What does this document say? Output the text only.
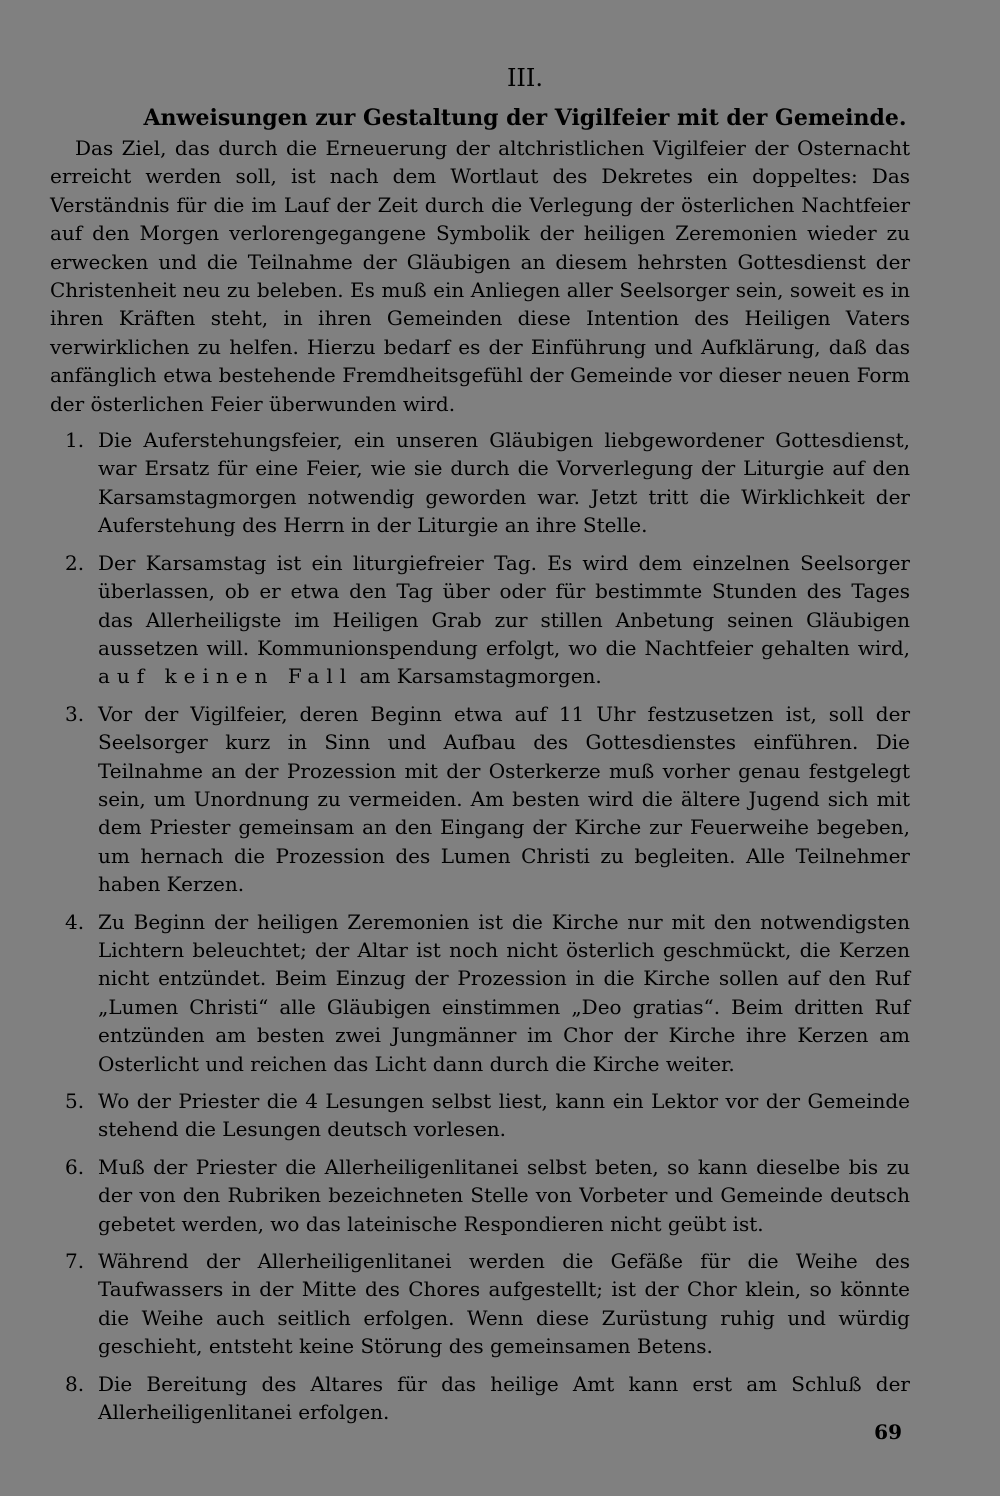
III.
Anweisungen zur Gestaltung der Vigilfeier mit der Gemeinde.

Das Ziel, das durch die Erneuerung der altchristlichen Vigilfeier der Osternacht erreicht werden soll, ist nach dem Wortlaut des Dekretes ein doppeltes: Das Verständnis für die im Lauf der Zeit durch die Verlegung der österlichen Nachtfeier auf den Morgen verlorengegangene Symbolik der heiligen Zeremonien wieder zu erwecken und die Teilnahme der Gläubigen an diesem hehrsten Gottesdienst der Christenheit neu zu beleben. Es muß ein Anliegen aller Seelsorger sein, soweit es in ihren Kräften steht, in ihren Gemeinden diese Intention des Heiligen Vaters verwirklichen zu helfen. Hierzu bedarf es der Einführung und Aufklärung, daß das anfänglich etwa bestehende Fremdheitsgefühl der Gemeinde vor dieser neuen Form der österlichen Feier überwunden wird.

1. Die Auferstehungsfeier, ein unseren Gläubigen liebgewordener Gottesdienst, war Ersatz für eine Feier, wie sie durch die Vorverlegung der Liturgie auf den Karsamstagmorgen notwendig geworden war. Jetzt tritt die Wirklichkeit der Auferstehung des Herrn in der Liturgie an ihre Stelle.
2. Der Karsamstag ist ein liturgiefreier Tag. Es wird dem einzelnen Seelsorger überlassen, ob er etwa den Tag über oder für bestimmte Stunden des Tages das Allerheiligste im Heiligen Grab zur stillen Anbetung seinen Gläubigen aussetzen will. Kommunionspendung erfolgt, wo die Nachtfeier gehalten wird, auf keinen Fall am Karsamstagmorgen.
3. Vor der Vigilfeier, deren Beginn etwa auf 11 Uhr festzusetzen ist, soll der Seelsorger kurz in Sinn und Aufbau des Gottesdienstes einführen. Die Teilnahme an der Prozession mit der Osterkerze muß vorher genau festgelegt sein, um Unordnung zu vermeiden. Am besten wird die ältere Jugend sich mit dem Priester gemeinsam an den Eingang der Kirche zur Feuerweihe begeben, um hernach die Prozession des Lumen Christi zu begleiten. Alle Teilnehmer haben Kerzen.
4. Zu Beginn der heiligen Zeremonien ist die Kirche nur mit den notwendigsten Lichtern beleuchtet; der Altar ist noch nicht österlich geschmückt, die Kerzen nicht entzündet. Beim Einzug der Prozession in die Kirche sollen auf den Ruf „Lumen Christi“ alle Gläubigen einstimmen „Deo gratias“. Beim dritten Ruf entzünden am besten zwei Jungmänner im Chor der Kirche ihre Kerzen am Osterlicht und reichen das Licht dann durch die Kirche weiter.
5. Wo der Priester die 4 Lesungen selbst liest, kann ein Lektor vor der Gemeinde stehend die Lesungen deutsch vorlesen.
6. Muß der Priester die Allerheiligenlitanei selbst beten, so kann dieselbe bis zu der von den Rubriken bezeichneten Stelle von Vorbeter und Gemeinde deutsch gebetet werden, wo das lateinische Respondieren nicht geübt ist.
7. Während der Allerheiligenlitanei werden die Gefäße für die Weihe des Taufwassers in der Mitte des Chores aufgestellt; ist der Chor klein, so könnte die Weihe auch seitlich erfolgen. Wenn diese Zurüstung ruhig und würdig geschieht, entsteht keine Störung des gemeinsamen Betens.
8. Die Bereitung des Altares für das heilige Amt kann erst am Schluß der Allerheiligenlitanei erfolgen.
69
